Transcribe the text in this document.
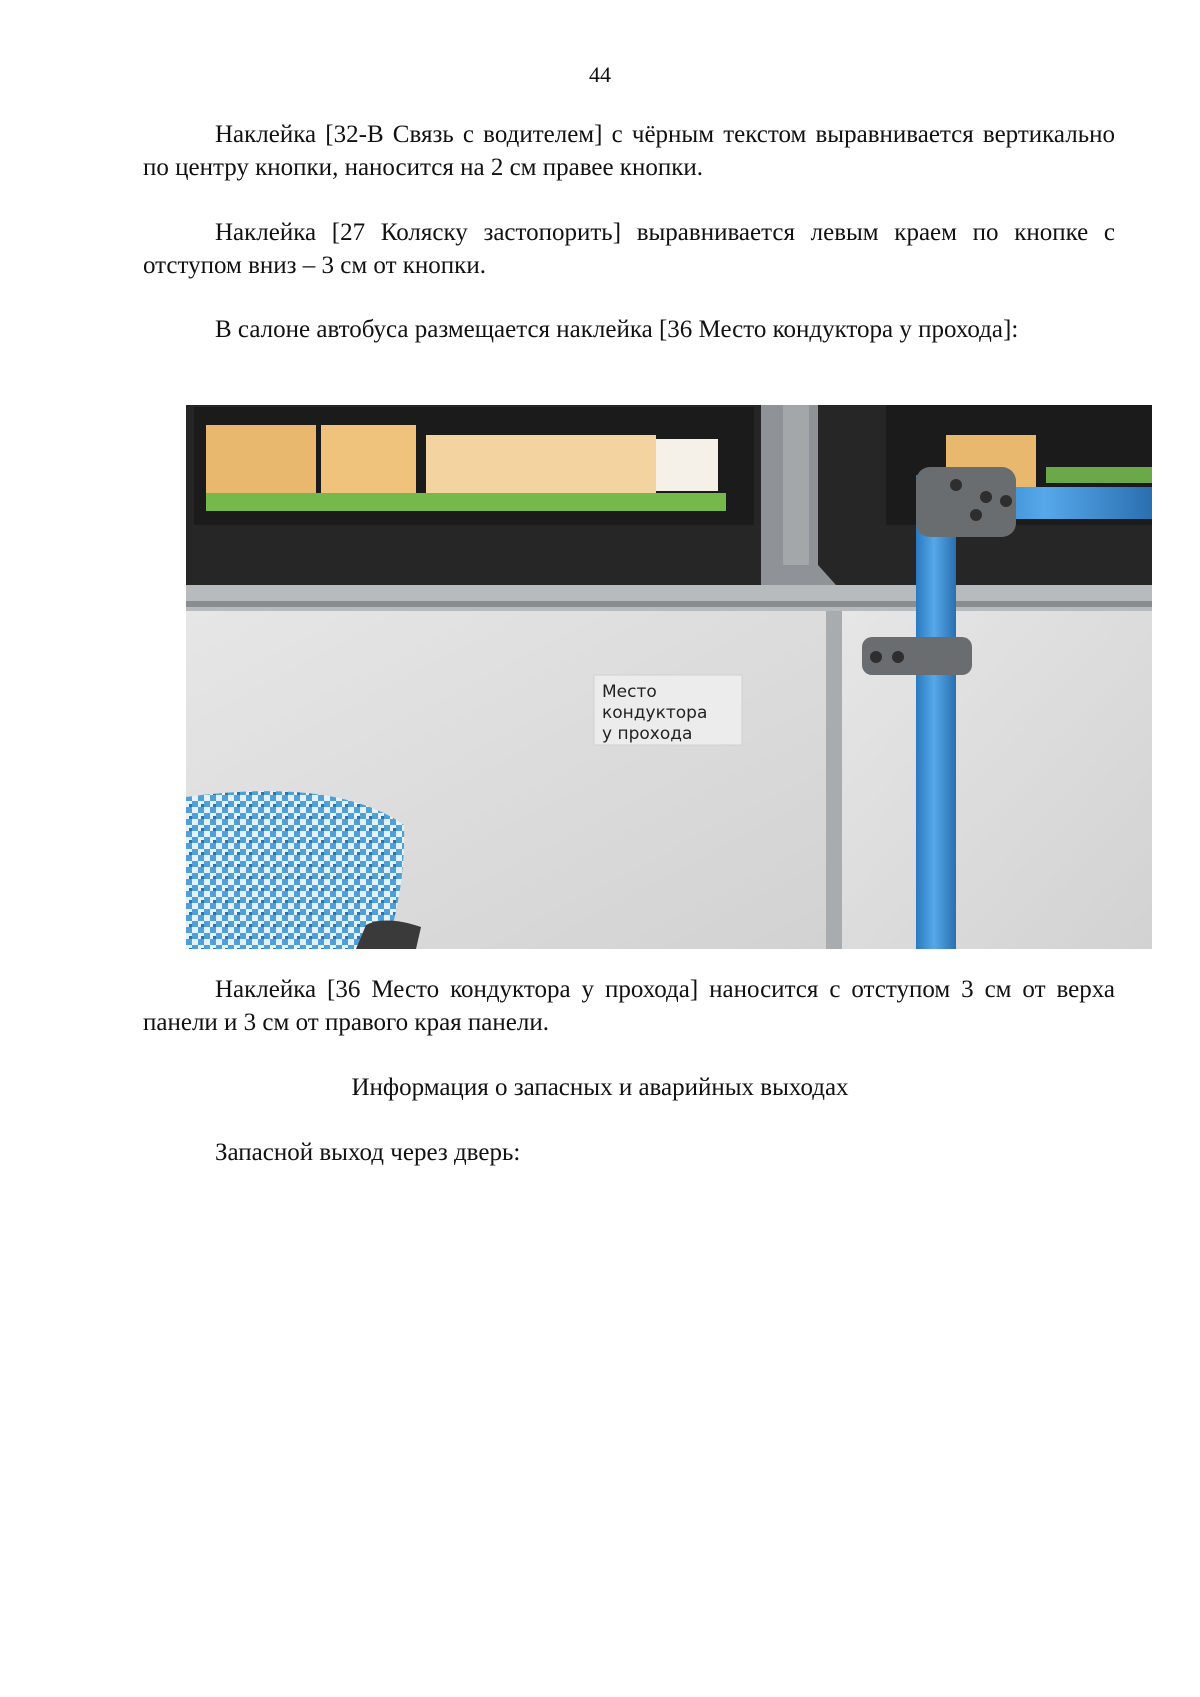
44

Наклейка [32-В Связь с водителем] с чёрным текстом выравнивается вертикально по центру кнопки, наносится на 2 см правее кнопки.

Наклейка [27 Коляску застопорить] выравнивается левым краем по кнопке с отступом вниз – 3 см от кнопки.

В салоне автобуса размещается наклейка [36 Место кондуктора у прохода]:

Место
кондуктора
у прохода

Наклейка [36 Место кондуктора у прохода] наносится с отступом 3 см от верха панели и 3 см от правого края панели.

Информация о запасных и аварийных выходах

Запасной выход через дверь:
